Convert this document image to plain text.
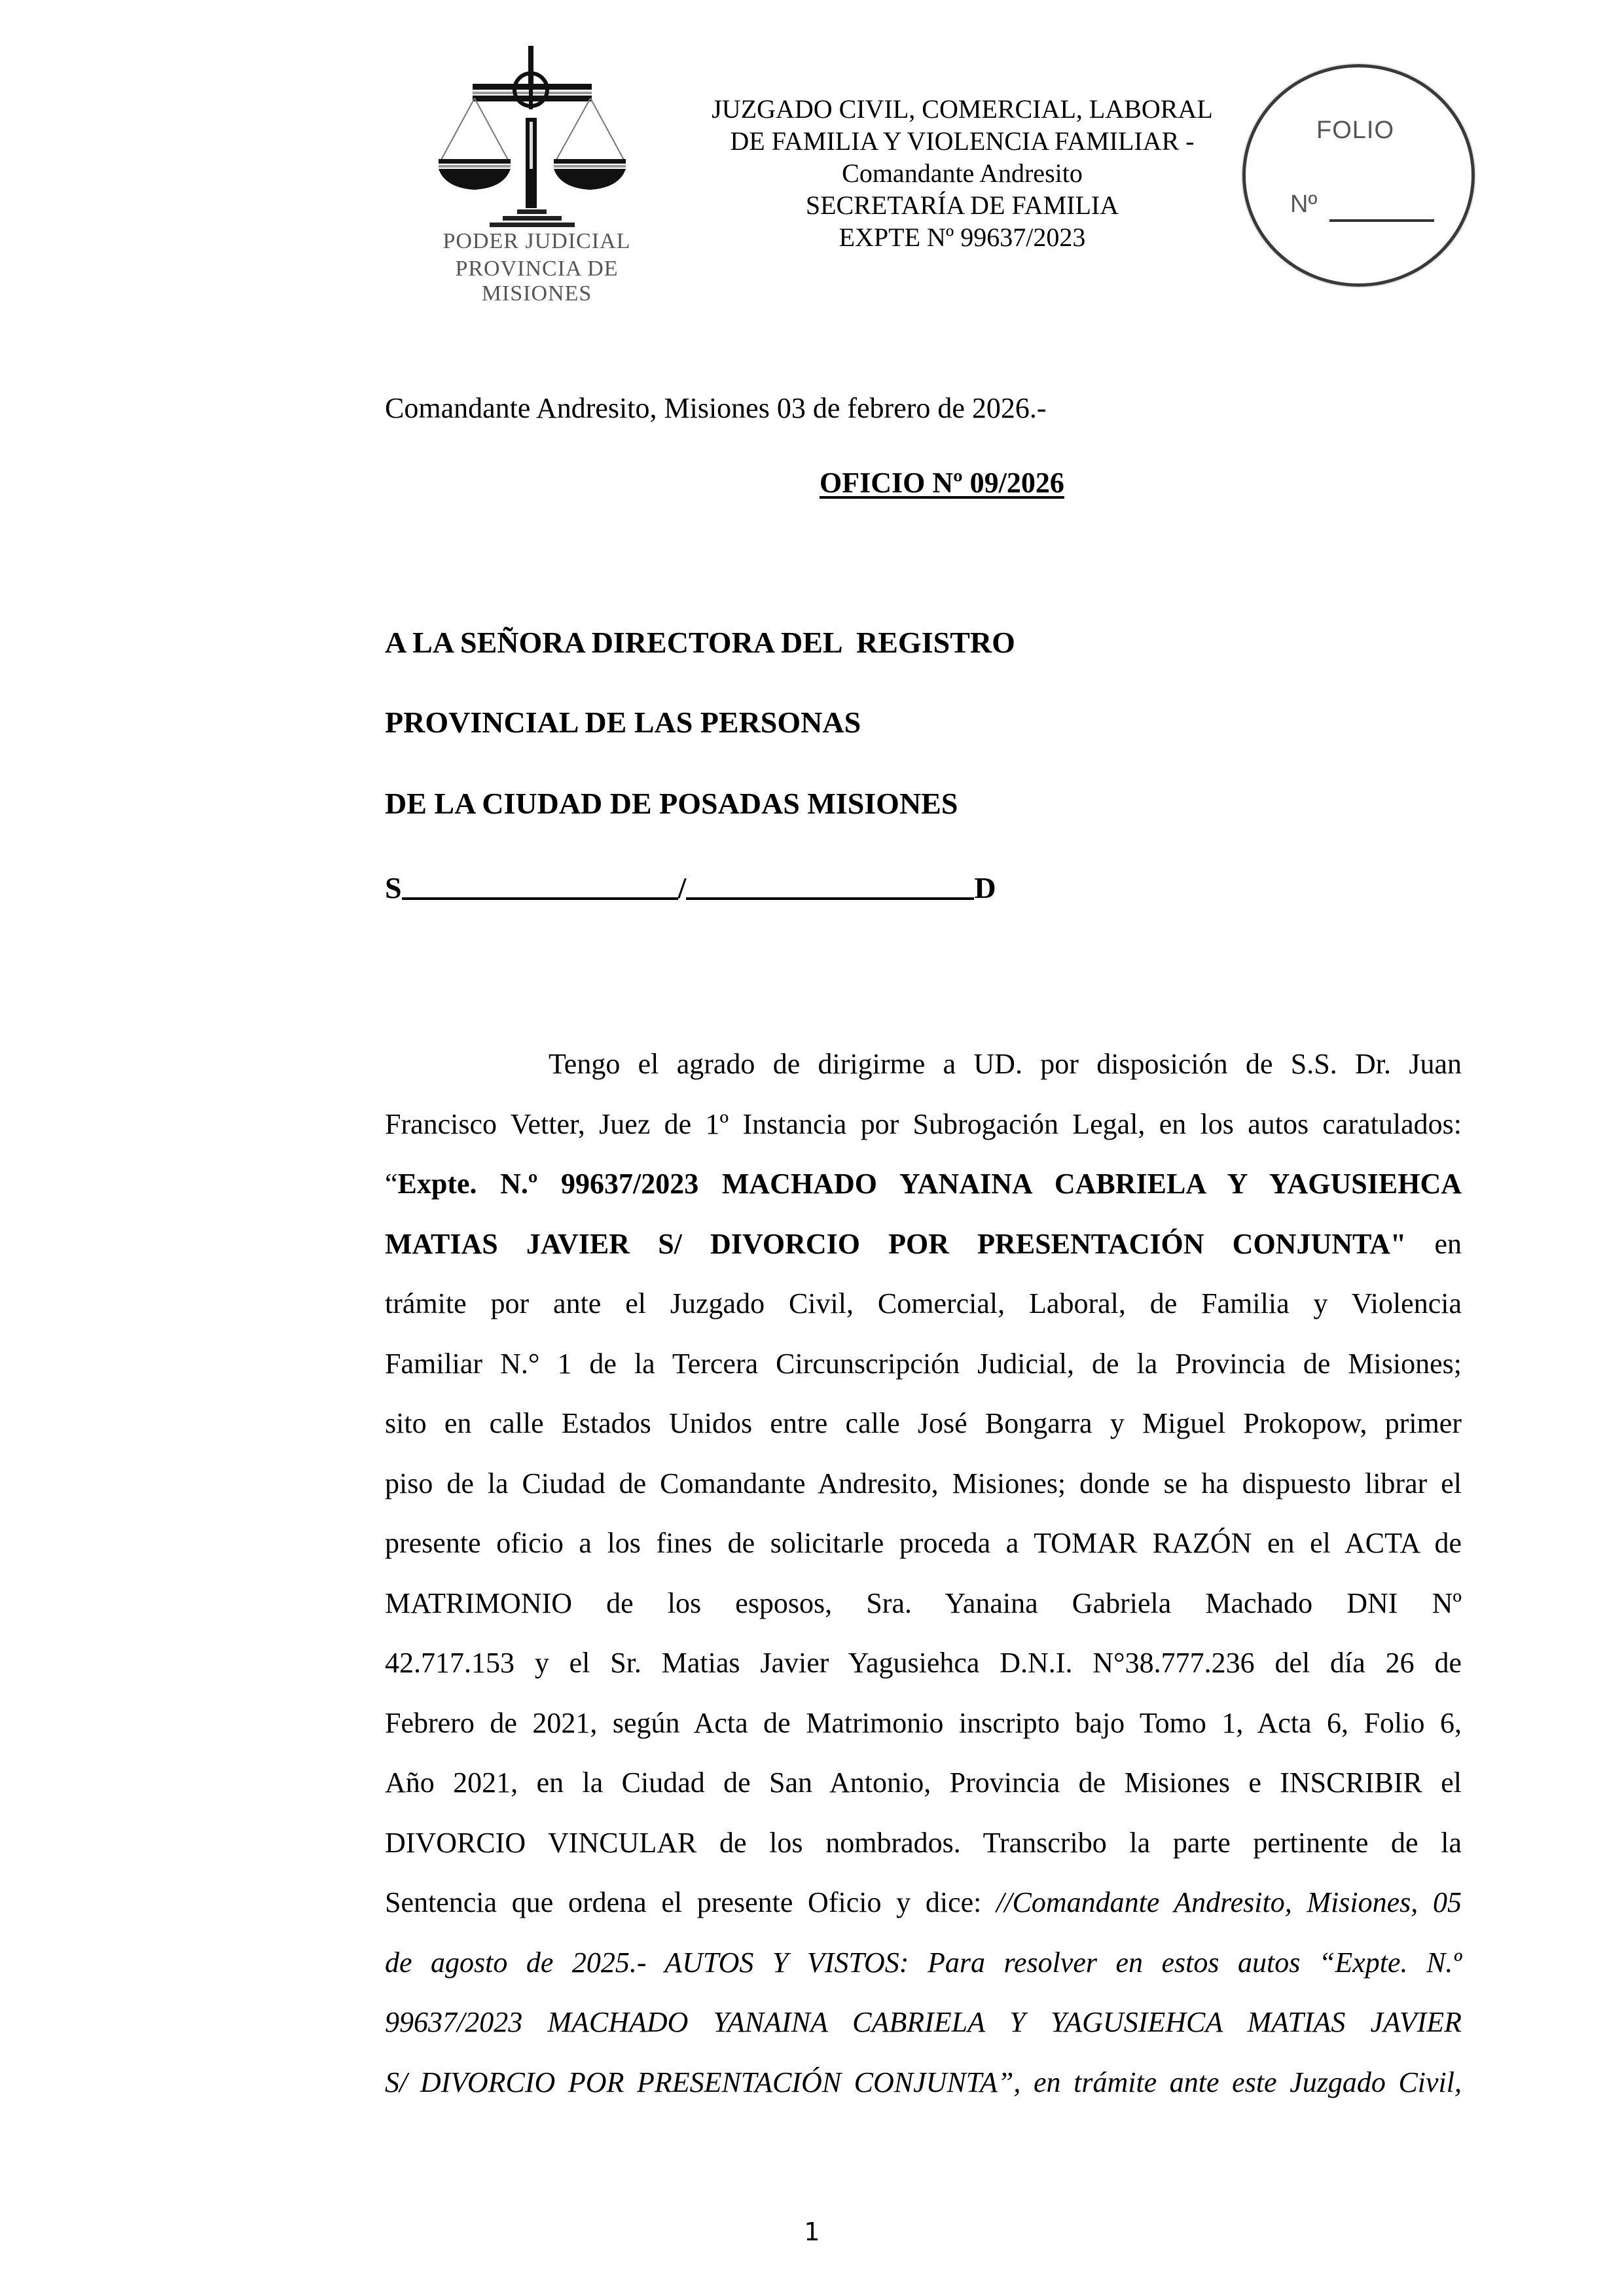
PODER JUDICIAL
PROVINCIA DE MISIONES
JUZGADO CIVIL, COMERCIAL, LABORAL
DE FAMILIA Y VIOLENCIA FAMILIAR -
Comandante Andresito
SECRETARÍA DE FAMILIA
EXPTE Nº 99637/2023
FOLIO
Nº
Comandante Andresito, Misiones 03 de febrero de 2026.-
OFICIO Nº 09/2026
A LA SEÑORA DIRECTORA DEL  REGISTRO
PROVINCIAL DE LAS PERSONAS
DE LA CIUDAD DE POSADAS MISIONES
S	/	D
Tengo el agrado de dirigirme a UD. por disposición de S.S. Dr. Juan
Francisco Vetter, Juez de 1º Instancia por Subrogación Legal, en los autos caratulados:
“Expte. N.º 99637/2023 MACHADO YANAINA CABRIELA Y YAGUSIEHCA
MATIAS JAVIER S/ DIVORCIO POR PRESENTACIÓN CONJUNTA" en
trámite por ante el Juzgado Civil, Comercial, Laboral, de Familia y Violencia
Familiar N.° 1 de la Tercera Circunscripción Judicial, de la Provincia de Misiones;
sito en calle Estados Unidos entre calle José Bongarra y Miguel Prokopow, primer
piso de la Ciudad de Comandante Andresito, Misiones; donde se ha dispuesto librar el
presente oficio a los fines de solicitarle proceda a TOMAR RAZÓN en el ACTA de
MATRIMONIO de los esposos, Sra. Yanaina Gabriela Machado DNI Nº
42.717.153 y el Sr. Matias Javier Yagusiehca D.N.I. N°38.777.236 del día 26 de
Febrero de 2021, según Acta de Matrimonio inscripto bajo Tomo 1, Acta 6, Folio 6,
Año 2021, en la Ciudad de San Antonio, Provincia de Misiones e INSCRIBIR el
DIVORCIO VINCULAR de los nombrados. Transcribo la parte pertinente de la
Sentencia que ordena el presente Oficio y dice: //Comandante Andresito, Misiones, 05
de agosto de 2025.- AUTOS Y VISTOS: Para resolver en estos autos “Expte. N.º
99637/2023 MACHADO YANAINA CABRIELA Y YAGUSIEHCA MATIAS JAVIER
S/ DIVORCIO POR PRESENTACIÓN CONJUNTA”, en trámite ante este Juzgado Civil,
1
